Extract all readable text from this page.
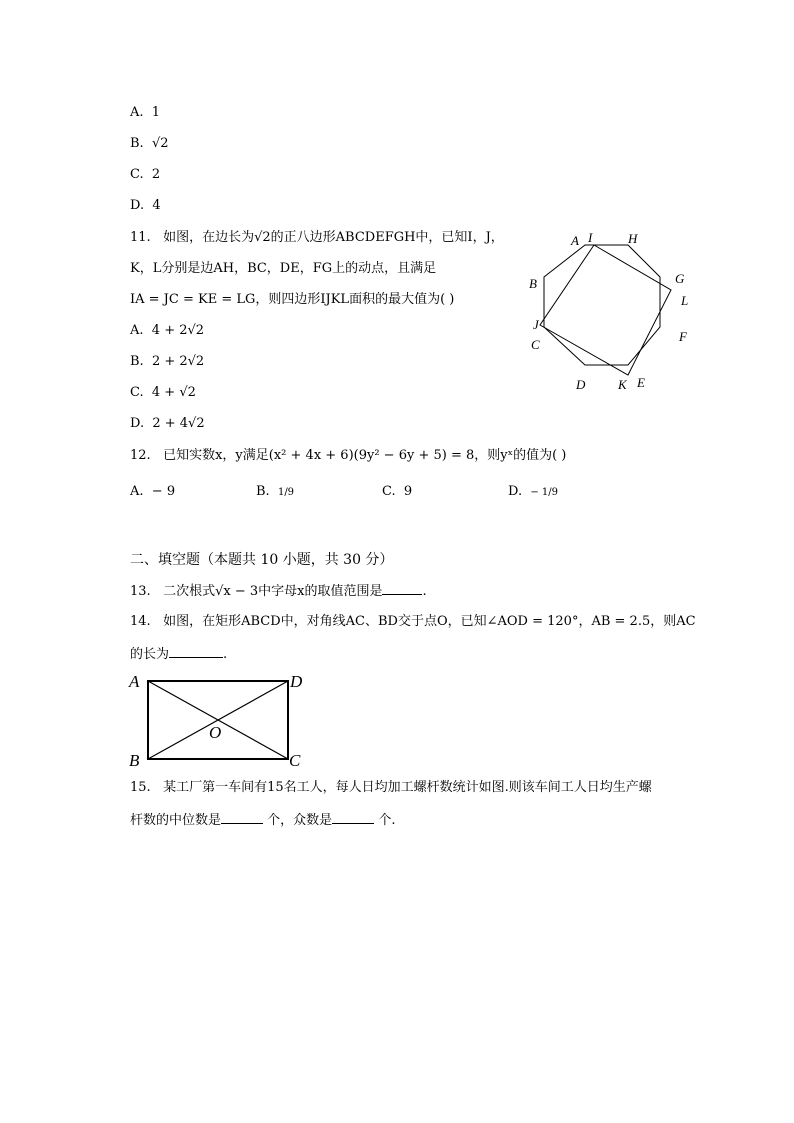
A. 1
B. √2
C. 2
D. 4
11. 如图，在边长为√2的正八边形ABCDEFGH中，已知I，J，
K，L分别是边AH，BC，DE，FG上的动点，且满足
IA = JC = KE = LG，则四边形IJKL面积的最大值为( )
A. 4 + 2√2
B. 2 + 2√2
C. 4 + √2
D. 2 + 4√2
A I	H
G
B
L
J
F
C
D	K E
12. 已知实数x，y满足(x² + 4x + 6)(9y² − 6y + 5) = 8，则yˣ的值为( )
A. − 9	B. 1/9	C. 9	D. − 1/9
二、填空题（本题共 10 小题，共 30 分）
13. 二次根式√x − 3中字母x的取值范围是	.
14. 如图，在矩形ABCD中，对角线AC、BD交于点O，已知∠AOD = 120°，AB = 2.5，则AC
的长为	.
A	D
O
B	C
15. 某工厂第一车间有15名工人，每人日均加工螺杆数统计如图.则该车间工人日均生产螺
杆数的中位数是	个，众数是	个.
